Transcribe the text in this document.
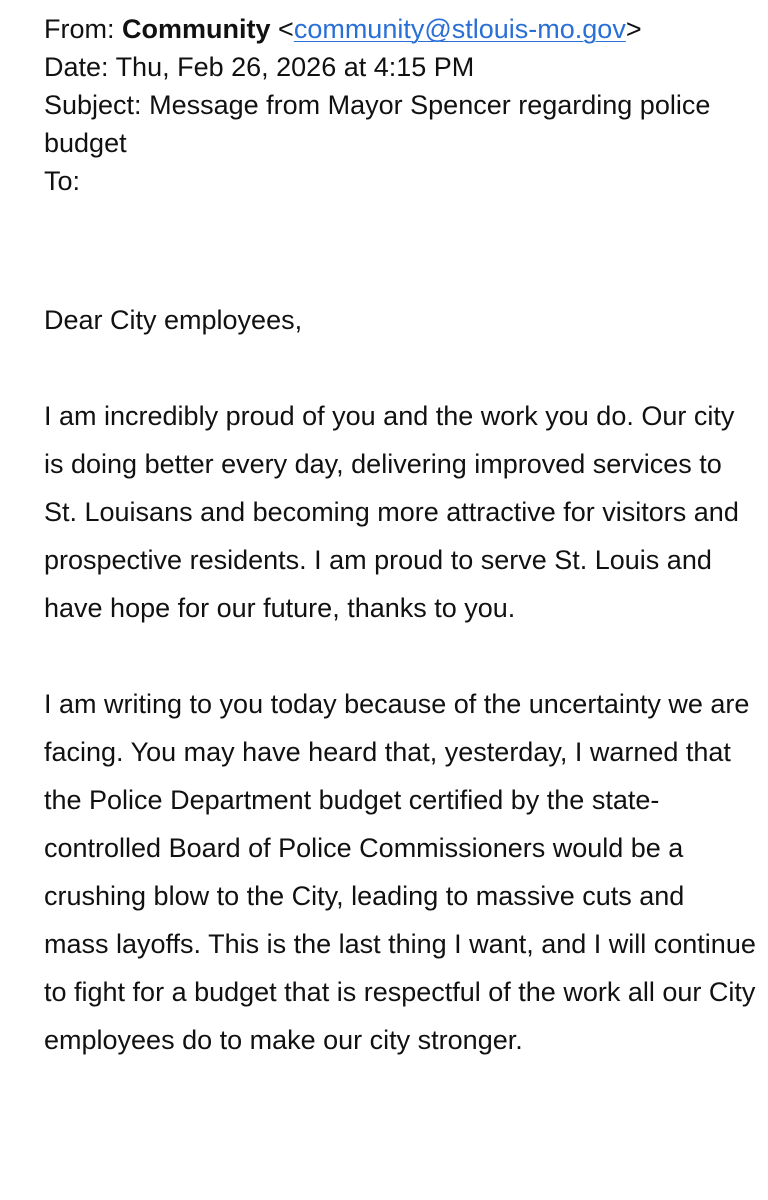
From: Community <community@stlouis-mo.gov>
Date: Thu, Feb 26, 2026 at 4:15 PM
Subject: Message from Mayor Spencer regarding police budget
To:

Dear City employees,

I am incredibly proud of you and the work you do. Our city is doing better every day, delivering improved services to St. Louisans and becoming more attractive for visitors and prospective residents. I am proud to serve St. Louis and have hope for our future, thanks to you.

I am writing to you today because of the uncertainty we are facing. You may have heard that, yesterday, I warned that the Police Department budget certified by the state-controlled Board of Police Commissioners would be a crushing blow to the City, leading to massive cuts and mass layoffs. This is the last thing I want, and I will continue to fight for a budget that is respectful of the work all our City employees do to make our city stronger.
